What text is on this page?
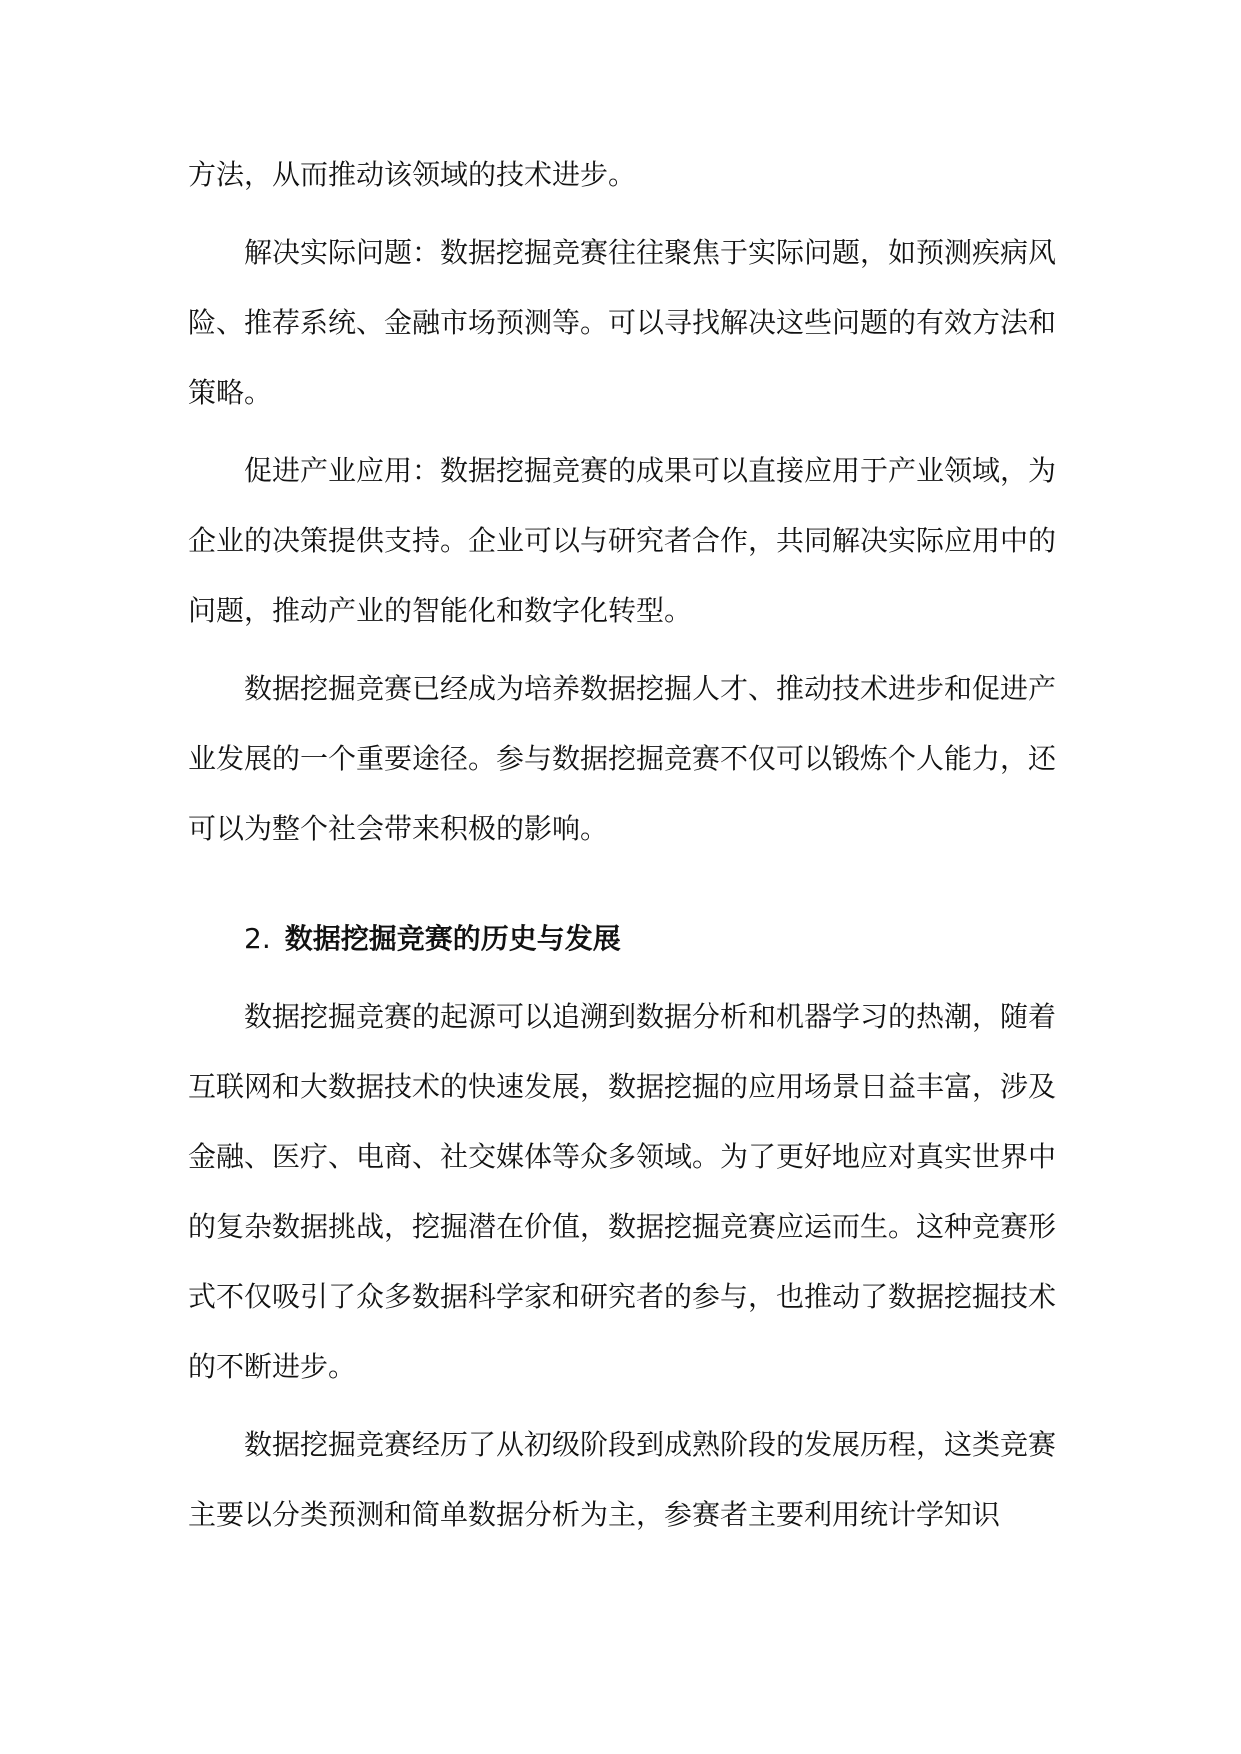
方法，从而推动该领域的技术进步。

解决实际问题：数据挖掘竞赛往往聚焦于实际问题，如预测疾病风险、推荐系统、金融市场预测等。可以寻找解决这些问题的有效方法和策略。

促进产业应用：数据挖掘竞赛的成果可以直接应用于产业领域，为企业的决策提供支持。企业可以与研究者合作，共同解决实际应用中的问题，推动产业的智能化和数字化转型。

数据挖掘竞赛已经成为培养数据挖掘人才、推动技术进步和促进产业发展的一个重要途径。参与数据挖掘竞赛不仅可以锻炼个人能力，还可以为整个社会带来积极的影响。

2. 数据挖掘竞赛的历史与发展

数据挖掘竞赛的起源可以追溯到数据分析和机器学习的热潮，随着互联网和大数据技术的快速发展，数据挖掘的应用场景日益丰富，涉及金融、医疗、电商、社交媒体等众多领域。为了更好地应对真实世界中的复杂数据挑战，挖掘潜在价值，数据挖掘竞赛应运而生。这种竞赛形式不仅吸引了众多数据科学家和研究者的参与，也推动了数据挖掘技术的不断进步。

数据挖掘竞赛经历了从初级阶段到成熟阶段的发展历程，这类竞赛主要以分类预测和简单数据分析为主，参赛者主要利用统计学知识
